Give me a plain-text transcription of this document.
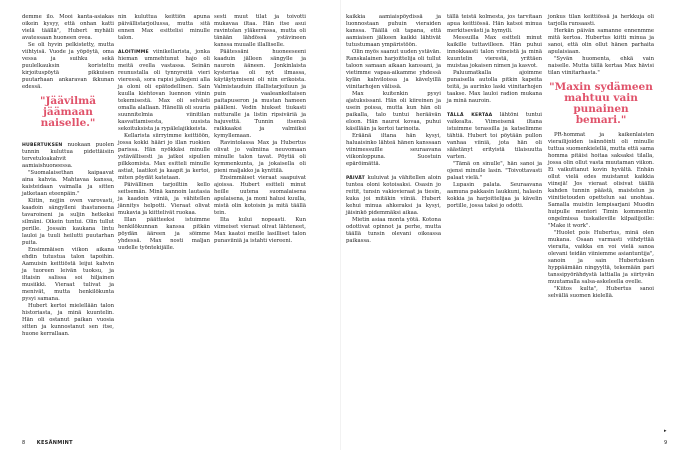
demme ilo. Mooi kanta-asiakas oikein kysyy, että onhan katti vielä täällä", Hubert myhäili avatessaan huoneen ovea.

Se oli hyvin pelkistetty, mutta viihtyisä. Vuode ja yöpöytä, oma vessa ja suihku sekä puulelkauksin koristeltu kirjoituspöytä pikkuisen puutarhaan ankaravan ikkunan edessä.

"Jäävilmä jäämaan naiselle."

HUBERTUKSEN nuokaan puolen tunnin kuluttua pidettäisiin tervetuloakahvit aamiaishuoneessa.

"Suomalaisethan kaipaavat aina kahvia. Mahtavaa kanssa, kaisteidaan vaimalla ja sitten jatketaan eteenpäin."

Kiitin, nojjin oven varovasti, kaadoin sängylleni ihastuneena tavaroineni ja suljin hetkeksi silmäni. Oikein tuntui. Olin tullut perille. Jossain kaukana lintu lauloi ja tuuli heilutti puutarhan puita.

Ensimmäisen viikon aikana ehdin tutustua talon tapoihin. Aamuisin keittiöstä leijui kahvin ja tuoreen leivän tuoksu, ja iltaisin salissa soi hiljainen musiikki. Vieraat tulivat ja menivät, mutta henkilökunta pysyi samana.

Hubert kertoi mielellään talon historiasta, ja minä kuuntelin. Hän oli ostanut paikan vuosia sitten ja kunnostanut sen itse, huone kerrallaan.

nin kuluttua keittiön apuna päivällistarjoilussa, mutta sitä ennen Max esittelisi minulle talon.

ALOITIMME viinikellarista, jonka hieman ummehtunut hajo oli meitä ovella vastassa. Seinän reunustalla oli tynnyreitä vieri vieressä, sora rapisi jalkojeni alla ja oloni oli epätodellinen. Sain kuulla kiehtovan luennon viinin tekemisestä. Max oli selvästi omalla alallaan. Hänellä oli suuria suunnitelmia viinitilan kasvattamisesta, uusista sekoituksista ja rypälelajikkeista.

Kellarista siirryimme keittiöön, jossa kokki hääri jo illan ruokien parissa. Hän nyökkäsi minulle ystävällisesti ja jatkoi sipulien pilkkomista. Max esitteli minulle astiat, laatikot ja kaapit ja kertoi, miten pöydät katetaan.

Päivällinen tarjoiltiin kello seitsemän. Minä kannoin lautasia ja kaadoin viiniä, ja vähitellen jännitys helpotti. Vieraat olivat mukavia ja kiittelivät ruokaa.

Illan päätteeksi istuimme henkilökunnan kanssa pitkän pöydän ääreen ja söimme yhdessä. Max nosti maljan uudelle työntekijälle.

sesti muut tilat ja toivotti mukavaa iltaa. Hän itse asui ravintolan yläkerrassa, mutta oli tänään lähdössä ystävineen kanssa muualle illalliselle.

Päätessäni huoneeseeni kaaduin jälleen sängylle ja nauroin ääneen. Jonkinlaista kysteriaa oli nyt ilmassa, käytäytymiseni oli niin erikoista. Valmistauduin illallistarjoiluun ja puin vaaleankeltaisen paitapuseron ja mustan hameen päälleni. Vedin hiukset tiukasti nutturalle ja listin ripsiväriä ja hajuvettä. Tunnin itsensä raikkaaksi ja valmiiksi kymyllemaan.

Ravintolassa Max ja Hubertus olivat jo valmiina neuvomaan minulle talon tavat. Pöytiä oli kymmenkunta, ja jokaisella oli pieni maljakko ja kynttilä.

Ensimmäiset vieraat saapuivat ajoissa. Hubert esitteli minut heille uutena suomalaisena apulaisena, ja moni halusi kuulla, mistä olin kotoisin ja mitä täällä tein.

Ilta kului nopeasti. Kun viimeiset vieraat olivat lähteneet, Max kaatoi meille lasilliset talon punaviiniä ja istahti viereeni.

kaikkia aamiaispöydissä ja luonnostaan puhuin vieraiden kanssa. Täällä oli tapana, että aamiaisen jälkeen kaikki lähtivät tutustumaan ympäristöön.

Olin myös saanut uuden ystävän. Ranskalainen harjoittelija oli tullut taloon samaan aikaan kanssani, ja vietimme vapaa-aikamme yhdessä kylän kahviloissa ja kävelyillä viinitarhojen välissä.

Max kuitenkin pysyi ajatuksissani. Hän oli kiireinen ja usein poissa, mutta kun hän oli paikalla, talo tuntui heräävän eloon. Hän nauroi kovaa, puhui käsillään ja kertoi tarinoita.

Eräänä iltana hän kysyi, haluaisinko lähteä hänen kanssaan viinimessuille seuraavana viikonloppuna. Suostuin epäröimättä.

PÄIVÄT kuluivat ja vähitellen aloin tuntea oloni kotoisaksi. Osasin jo reitit, tunsin vakiovieraat ja tiesin, kuka joi mitäkin viiniä. Hubert kehui minua ahkeraksi ja kysyi, jäisinkö pidemmäksi aikaa.

Mietin asiaa monta yötä. Kotona odottivat opinnot ja perhe, mutta täällä tunsin olevani oikeassa paikassa.

tällä teistä kolmesta, jos tarvitaan apua keittiössä. Hän katsoi minua merkitsevästi ja hymyili.

Messuilla Max esitteli minut kaikille tuttavilleen. Hän puhui innokkaasti talon viineistä ja minä kuuntelin vierestä, yrittäen muistaa jokaisen nimen ja kasvot.

Paluumatkalla ajoimme punaisella autolla pitkin kapeita teitä, ja aurinko laski viinitarhojen taakse. Max lauloi radion mukana ja minä nauroin.

TÄLLÄ KERTAA lähtöni tuntui vaikealta. Viimeisenä iltana istuimme terassilla ja katselimme tähtiä. Hubert toi pöytään pullon vanhaa viiniä, jota hän oli säästänyt erityistä tilaisuutta varten.

"Tämä on sinulle", hän sanoi ja ojensi minulle lasin. "Toivottavasti palaat vielä."

Lupasin palata. Seuraavana aamuna pakkasin laukkuni, halasin kokkia ja harjoittelijaa ja kävelin portille, jossa taksi jo odotti.

jonkus tilan keittiössä ja herkkuja oli tarjolla runsaasti.

Herkän päivän samanne ennenmme mitä kertoa. Hubertus kiitti minua ja sanoi, että olin ollut hänen parhaita apulaisiaan.

"Syvän huomenta, ehkä vain naiselle. Mutta tällä kertaa Max hävisi tilan viinitarhasta."

"Maxin sydämeen mahtuu vain punainen bemari."

PR-hommat ja kaikenlaisten vierailijoiden isännöinti oli minulle tuttua suomenkielellä, mutta että sama homma pitäisi hoitaa saksaksi tilalla, jossa olin ollut vasta muutaman viikon. Ei vaikuttanut kovin hyvältä. Enhän ollut vielä edes muistanut kaikkia viinejä! Jos vieraat olisivat täällä kahden tunnin päästä, maistelun ja viinitietouden opettelun sai unohtaa. Samalla muistin lempisarjani Muodin huipulle mentori Timin kommentin ongelmissa tuskaileville kilpailijoille: "Make it work".

"Huolet pois Hubertus, minä olen mukana. Osaan varmasti viihdyttää vieraita, vaikka en voi vielä sanoa olevani teidän viiniemme asiantuntija", sanoin ja sain Hubertuksen hyppäämään ningyyltä, tekemään pari tanssipyörähdystä lattialla ja siirtyvän muutamalla salsa-askeleella ovelle.

"Kiitos kulta", Hubertus sanoi selvällä suomen kielellä.

▸
8 KESÄNMINT	9
